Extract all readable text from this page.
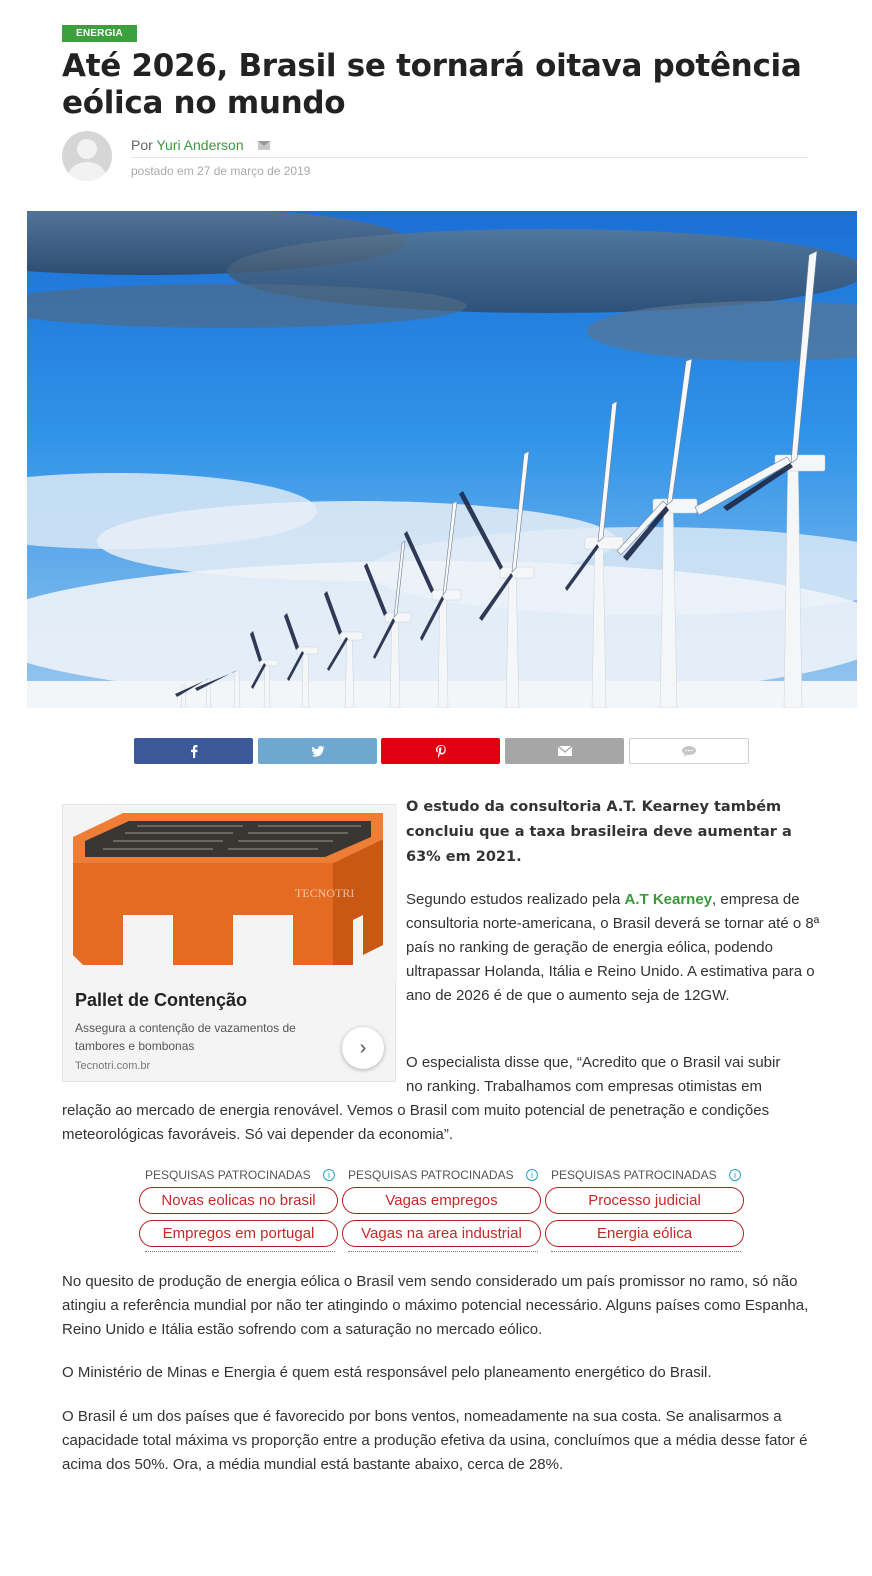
ENERGIA
Até 2026, Brasil se tornará oitava potência eólica no mundo
Por Yuri Anderson
postado em 27 de março de 2019
TECNOTRI
Pallet de Contenção
Assegura a contenção de vazamentos de tambores e bombonas
Tecnotri.com.br
›

O estudo da consultoria A.T. Kearney também concluiu que a taxa brasileira deve aumentar a 63% em 2021.

Segundo estudos realizado pela A.T Kearney, empresa de consultoria norte-americana, o Brasil deverá se tornar até o 8ª país no ranking de geração de energia eólica, podendo ultrapassar Holanda, Itália e Reino Unido. A estimativa para o ano de 2026 é de que o aumento seja de 12GW.

O especialista disse que, “Acredito que o Brasil vai subir
no ranking. Trabalhamos com empresas otimistas em

relação ao mercado de energia renovável. Vemos o Brasil com muito potencial de penetração e condições meteorológicas favoráveis. Só vai depender da economia”.

PESQUISAS PATROCINADAS	i
Novas eolicas no brasil
Empregos em portugal
PESQUISAS PATROCINADAS	i
Vagas empregos
Vagas na area industrial
PESQUISAS PATROCINADAS	i
Processo judicial
Energia eólica

No quesito de produção de energia eólica o Brasil vem sendo considerado um país promissor no ramo, só não atingiu a referência mundial por não ter atingindo o máximo potencial necessário. Alguns países como Espanha, Reino Unido e Itália estão sofrendo com a saturação no mercado eólico.

O Ministério de Minas e Energia é quem está responsável pelo planeamento energético do Brasil.

O Brasil é um dos países que é favorecido por bons ventos, nomeadamente na sua costa. Se analisarmos a capacidade total máxima vs proporção entre a produção efetiva da usina, concluímos que a média desse fator é acima dos 50%. Ora, a média mundial está bastante abaixo, cerca de 28%.
